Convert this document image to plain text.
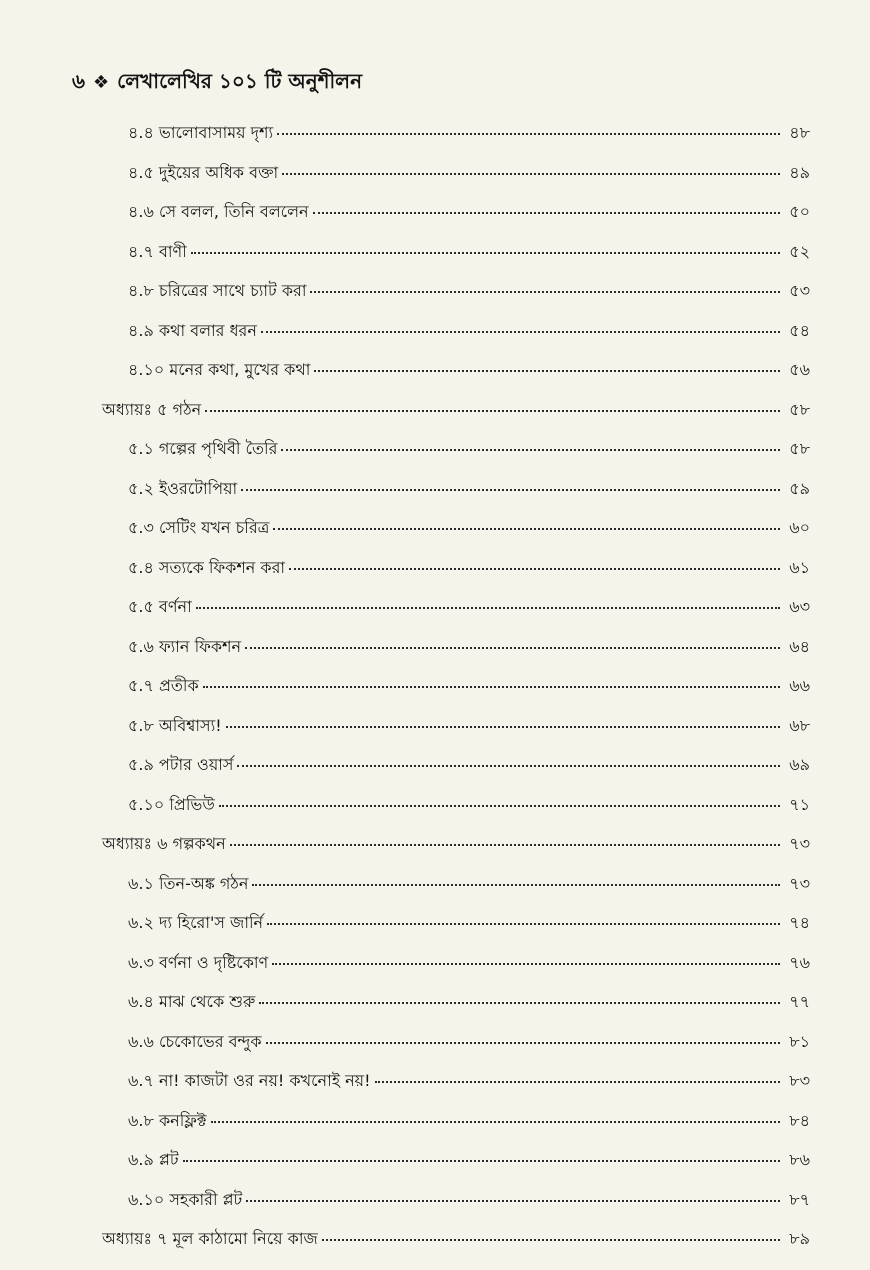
৬ ❖ লেখালেখির ১০১ টি অনুশীলন
৪.৪ ভালোবাসাময় দৃশ্য	৪৮
৪.৫ দুইয়ের অধিক বক্তা	৪৯
৪.৬ সে বলল, তিনি বললেন	৫০
৪.৭ বাণী	৫২
৪.৮ চরিত্রের সাথে চ্যাট করা	৫৩
৪.৯ কথা বলার ধরন	৫৪
৪.১০ মনের কথা, মুখের কথা	৫৬
অধ্যায়ঃ ৫ গঠন	৫৮
৫.১ গল্পের পৃথিবী তৈরি	৫৮
৫.২ ইওরটোপিয়া	৫৯
৫.৩ সেটিং যখন চরিত্র	৬০
৫.৪ সত্যকে ফিকশন করা	৬১
৫.৫ বর্ণনা	৬৩
৫.৬ ফ্যান ফিকশন	৬৪
৫.৭ প্রতীক	৬৬
৫.৮ অবিশ্বাস্য!	৬৮
৫.৯ পটার ওয়ার্স	৬৯
৫.১০ প্রিভিউ	৭১
অধ্যায়ঃ ৬ গল্পকথন	৭৩
৬.১ তিন-অঙ্ক গঠন	৭৩
৬.২ দ্য হিরো'স জার্নি	৭৪
৬.৩ বর্ণনা ও দৃষ্টিকোণ	৭৬
৬.৪ মাঝ থেকে শুরু	৭৭
৬.৬ চেকোভের বন্দুক	৮১
৬.৭ না! কাজটা ওর নয়! কখনোই নয়!	৮৩
৬.৮ কনফ্লিক্ট	৮৪
৬.৯ প্লট	৮৬
৬.১০ সহকারী প্লট	৮৭
অধ্যায়ঃ ৭ মূল কাঠামো নিয়ে কাজ	৮৯
